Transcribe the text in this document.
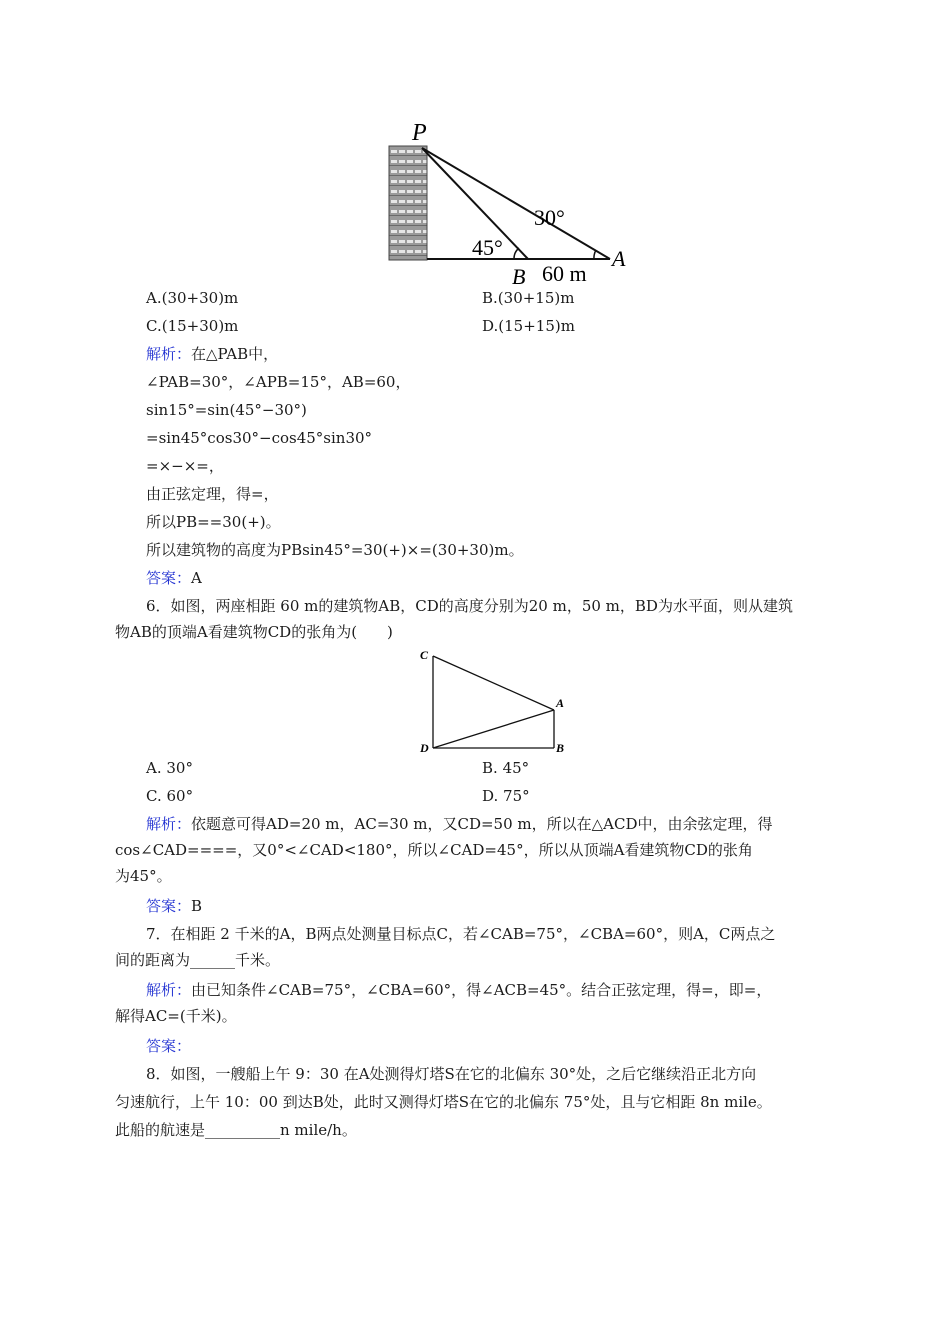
P
45°
30°
B 60 m
A
A.(30+30)m	B.(30+15)m
C.(15+30)m	D.(15+15)m
解析：在△PAB中，
∠PAB=30°，∠APB=15°，AB=60，
sin15°=sin(45°−30°)
=sin45°cos30°−cos45°sin30°
=×−×=，
由正弦定理，得=，
所以PB==30(+)。
所以建筑物的高度为PBsin45°=30(+)×=(30+30)m。
答案：A
6．如图，两座相距 60 m的建筑物AB，CD的高度分别为20 m，50 m，BD为水平面，则从建筑
物AB的顶端A看建筑物CD的张角为(　　)
C
A
D	B
A. 30°	B. 45°
C. 60°	D. 75°
解析：依题意可得AD=20 m，AC=30 m，又CD=50 m，所以在△ACD中，由余弦定理，得
cos∠CAD====，又0°<∠CAD<180°，所以∠CAD=45°，所以从顶端A看建筑物CD的张角
为45°。
答案：B
7．在相距 2 千米的A，B两点处测量目标点C，若∠CAB=75°，∠CBA=60°，则A，C两点之
间的距离为______千米。
解析：由已知条件∠CAB=75°，∠CBA=60°，得∠ACB=45°。结合正弦定理，得=，即=，
解得AC=(千米)。
答案：
8．如图，一艘船上午 9：30 在A处测得灯塔S在它的北偏东 30°处，之后它继续沿正北方向
匀速航行，上午 10：00 到达B处，此时又测得灯塔S在它的北偏东 75°处，且与它相距 8n mile。
此船的航速是__________n mile/h。
